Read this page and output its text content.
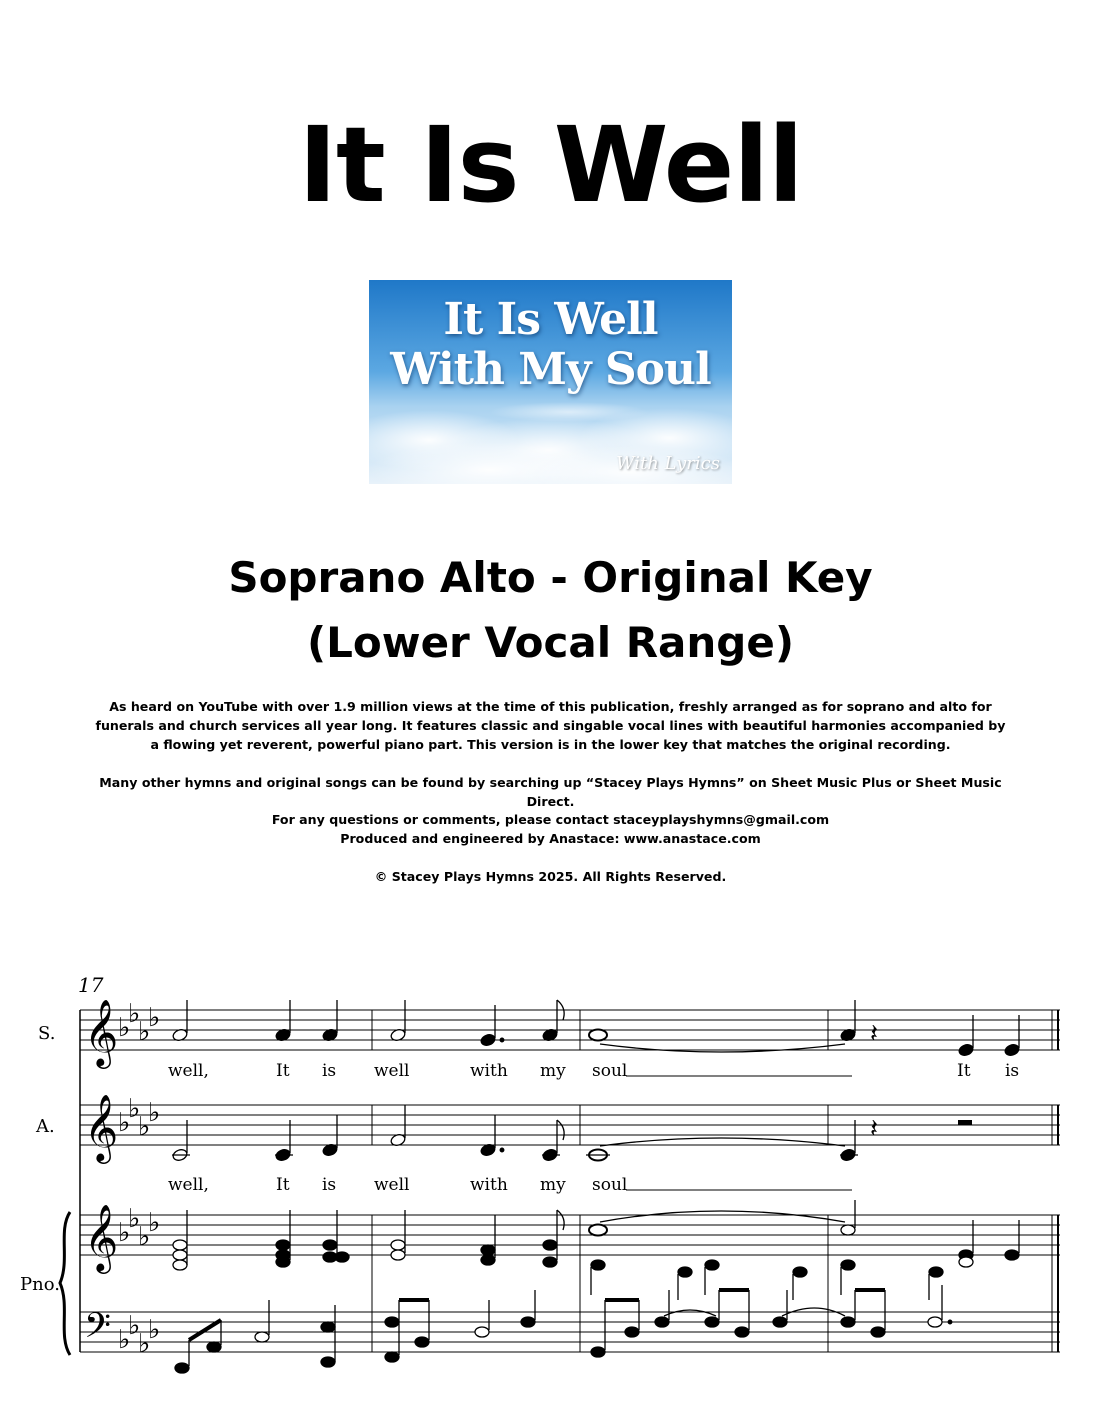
It Is Well
It Is Well
With My Soul
With Lyrics
Soprano Alto - Original Key
(Lower Vocal Range)
As heard on YouTube with over 1.9 million views at the time of this publication, freshly arranged as for soprano and alto for funerals and church services all year long. It features classic and singable vocal lines with beautiful harmonies accompanied by a flowing yet reverent, powerful piano part. This version is in the lower key that matches the original recording.
Many other hymns and original songs can be found by searching up “Stacey Plays Hymns” on Sheet Music Plus or Sheet Music Direct.
For any questions or comments, please contact staceyplayshymns@gmail.com
Produced and engineered by Anastace: www.anastace.com
© Stacey Plays Hymns 2025. All Rights Reserved.
17
S.
A.
Pno.
𝄞
𝄞
𝄞
𝄢
♭
♭
♭
♭
♭
♭
♭
♭
♭
♭
♭
♭
♭
♭
♭
♭
𝄽
well,	It is well	with my soul	It is
𝄽
well,	It is well	with my soul
